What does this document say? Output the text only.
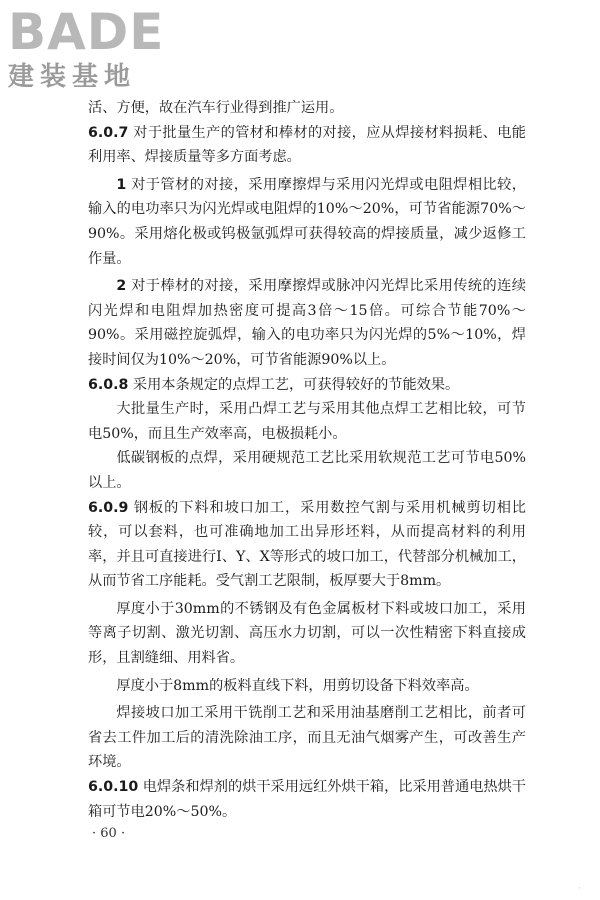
BADE
建装基地

活、方便，故在汽车行业得到推广运用。

6.0.7 对于批量生产的管材和棒材的对接，应从焊接材料损耗、电能利用率、焊接质量等多方面考虑。

1 对于管材的对接，采用摩擦焊与采用闪光焊或电阻焊相比较，输入的电功率只为闪光焊或电阻焊的10%～20%，可节省能源70%～90%。采用熔化极或钨极氩弧焊可获得较高的焊接质量，减少返修工作量。

2 对于棒材的对接，采用摩擦焊或脉冲闪光焊比采用传统的连续闪光焊和电阻焊加热密度可提高3倍～15倍。可综合节能70%～90%。采用磁控旋弧焊，输入的电功率只为闪光焊的5%～10%，焊接时间仅为10%～20%，可节省能源90%以上。

6.0.8 采用本条规定的点焊工艺，可获得较好的节能效果。

大批量生产时，采用凸焊工艺与采用其他点焊工艺相比较，可节电50%，而且生产效率高，电极损耗小。

低碳钢板的点焊，采用硬规范工艺比采用软规范工艺可节电50%以上。

6.0.9 钢板的下料和坡口加工，采用数控气割与采用机械剪切相比较，可以套料，也可准确地加工出异形坯料，从而提高材料的利用率，并且可直接进行I、Y、X等形式的坡口加工，代替部分机械加工，从而节省工序能耗。受气割工艺限制，板厚要大于8mm。

厚度小于30mm的不锈钢及有色金属板材下料或坡口加工，采用等离子切割、激光切割、高压水力切割，可以一次性精密下料直接成形，且割缝细、用料省。

厚度小于8mm的板料直线下料，用剪切设备下料效率高。

焊接坡口加工采用干铣削工艺和采用油基磨削工艺相比，前者可省去工件加工后的清洗除油工序，而且无油气烟雾产生，可改善生产环境。

6.0.10 电焊条和焊剂的烘干采用远红外烘干箱，比采用普通电热烘干箱可节电20%～50%。

· 60 ·
·
